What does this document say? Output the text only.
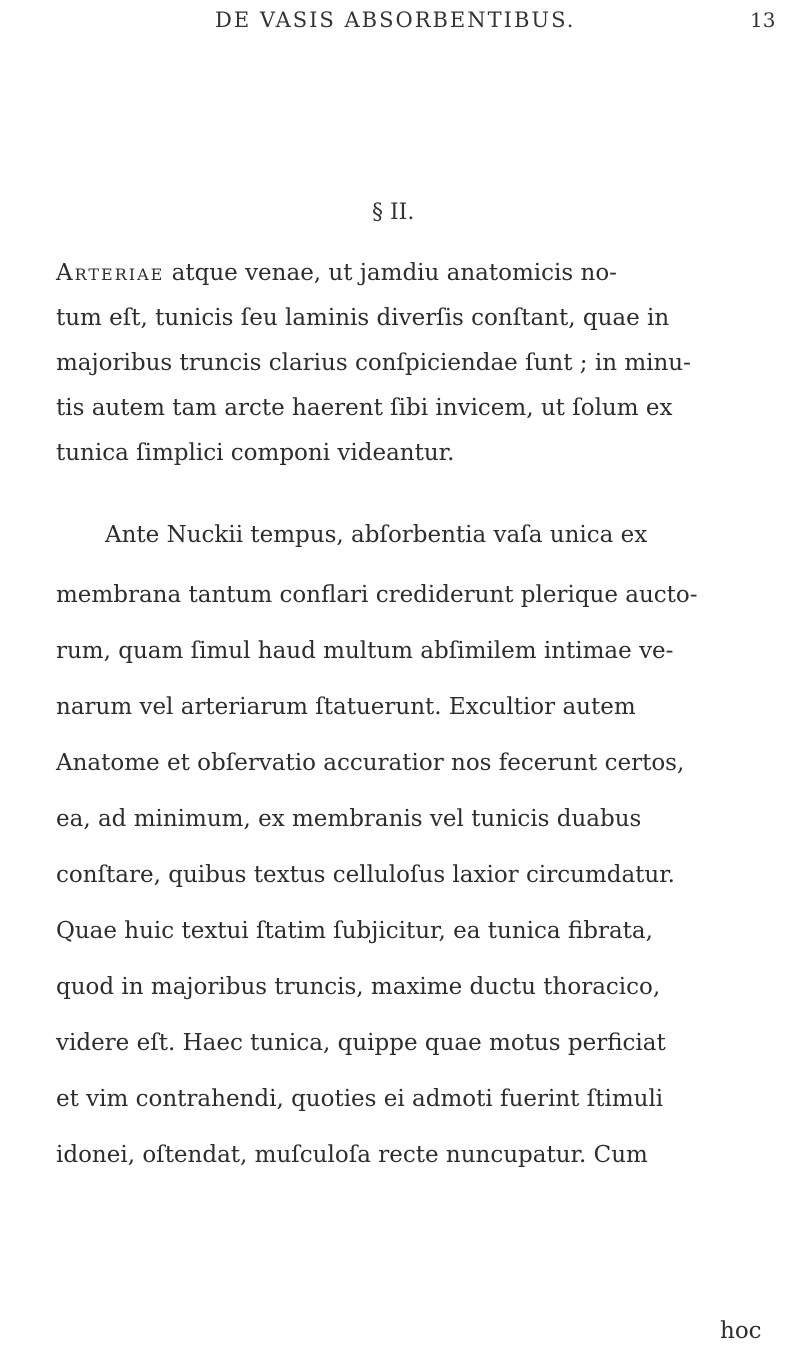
DE VASIS ABSORBENTIBUS.	13
§ II.
Arteriae atque venae, ut jamdiu anatomicis no-
tum eſt, tunicis ſeu laminis diverſis conſtant, quae in
majoribus truncis clarius conſpiciendae ſunt ; in minu-
tis autem tam arcte haerent ſibi invicem, ut ſolum ex
tunica ſimplici componi videantur.
Ante Nuckii tempus, abſorbentia vaſa unica ex
membrana tantum conflari crediderunt plerique aucto-
rum, quam ſimul haud multum abſimilem intimae ve-
narum vel arteriarum ſtatuerunt. Excultior autem
Anatome et obſervatio accuratior nos fecerunt certos,
ea, ad minimum, ex membranis vel tunicis duabus
conſtare, quibus textus celluloſus laxior circumdatur.
Quae huic textui ſtatim ſubjicitur, ea tunica fibrata,
quod in majoribus truncis, maxime ductu thoracico,
videre eſt. Haec tunica, quippe quae motus perficiat
et vim contrahendi, quoties ei admoti fuerint ſtimuli
idonei, oſtendat, muſculoſa recte nuncupatur. Cum
hoc
